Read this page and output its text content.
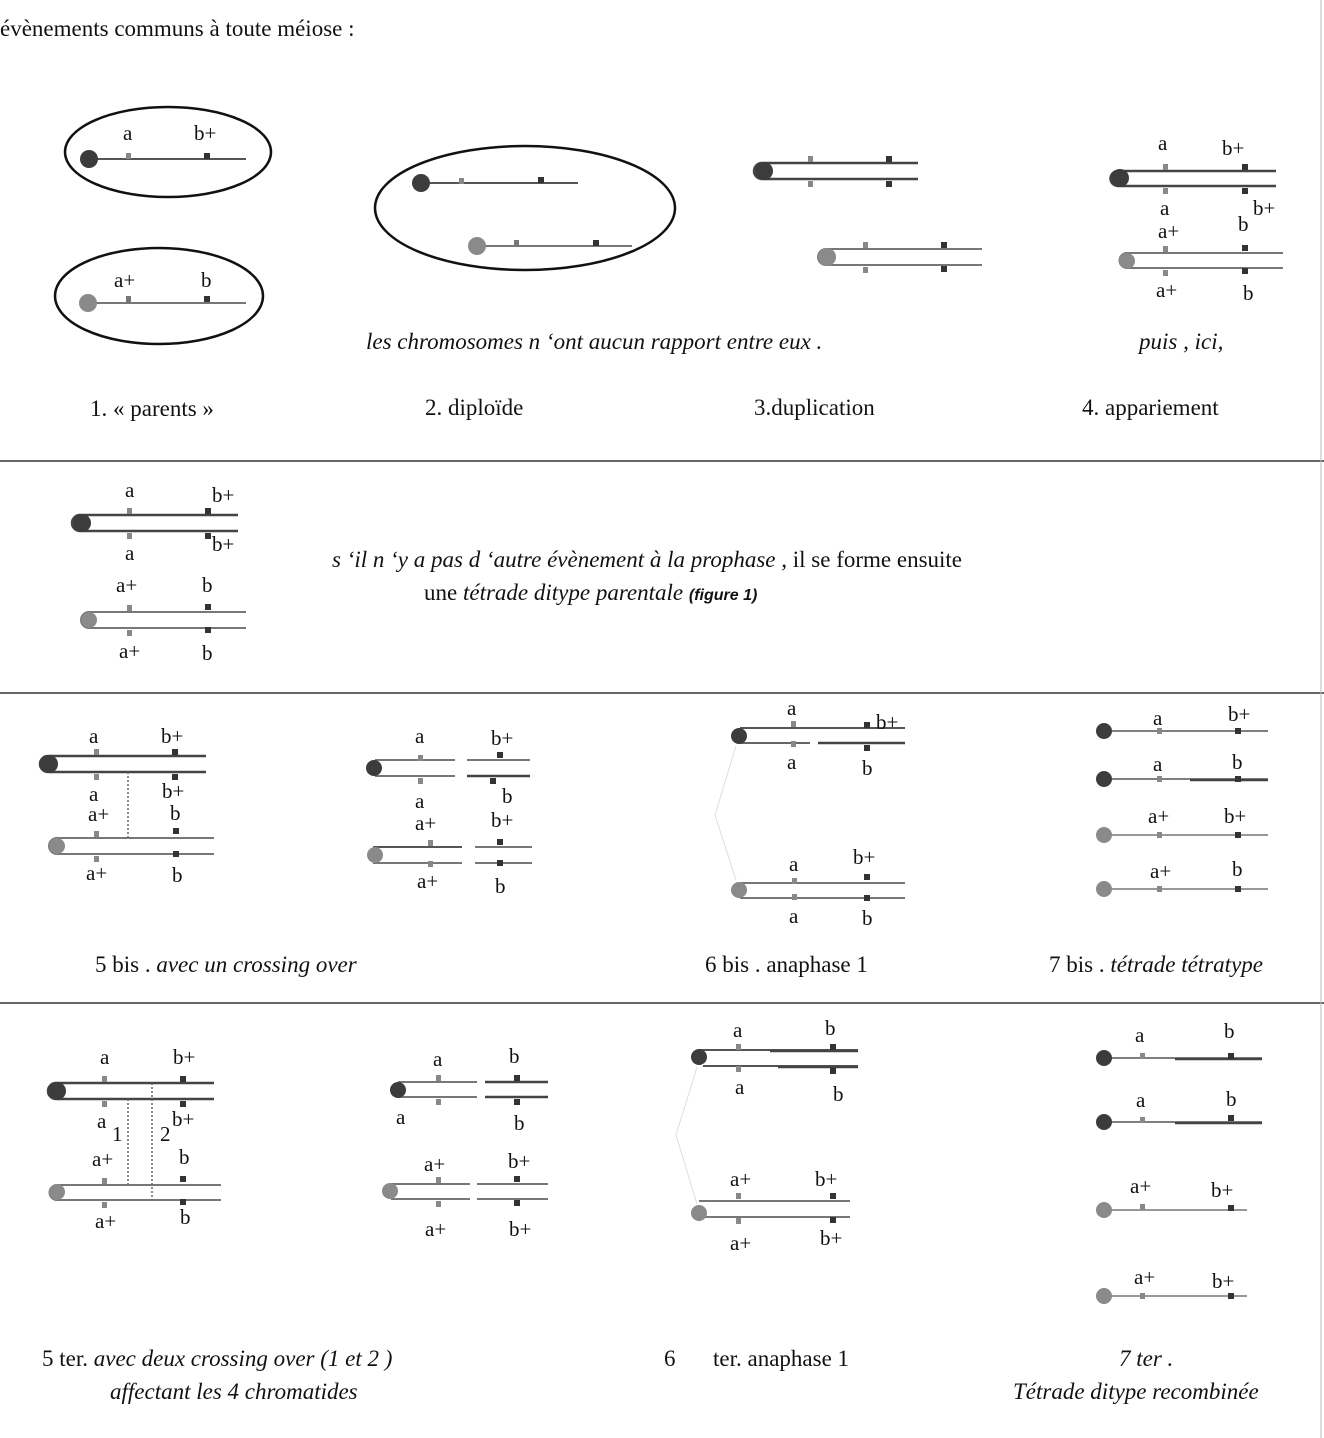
a	b+
a+	b
a	b+
a
b
b+
a+
a+	b
a	b+
a	b+
a+	b
a+	b
a	b+
a	b+
a+	b
a+	b
a	b+
a	b
a+	b+
a+	b
a
b+
a	b
a	b+
a	b
a	b+
a	b
a+	b+
a+	b
a	b+
a
1 2
b+
a+	b
a+	b
a	b
a	b
a+	b+
a+	b+
a	b
a	b
a+	b+
a+	b+
a	b
a	b
a+	b+
a+	b+
évènements communs à toute méiose :
les chromosomes n ‘ont aucun rapport entre eux .	puis , ici,
1. « parents »	2. diploïde	3.duplication	4. appariement
s ‘il n ‘y a pas d ‘autre évènement à la prophase , il se forme ensuite
une tétrade ditype parentale (figure 1)
5 bis . avec un crossing over	6 bis . anaphase 1	7 bis . tétrade tétratype
5 ter. avec deux crossing over (1 et 2 )
affectant les 4 chromatides
6 ter. anaphase 1	7 ter .
Tétrade ditype recombinée
